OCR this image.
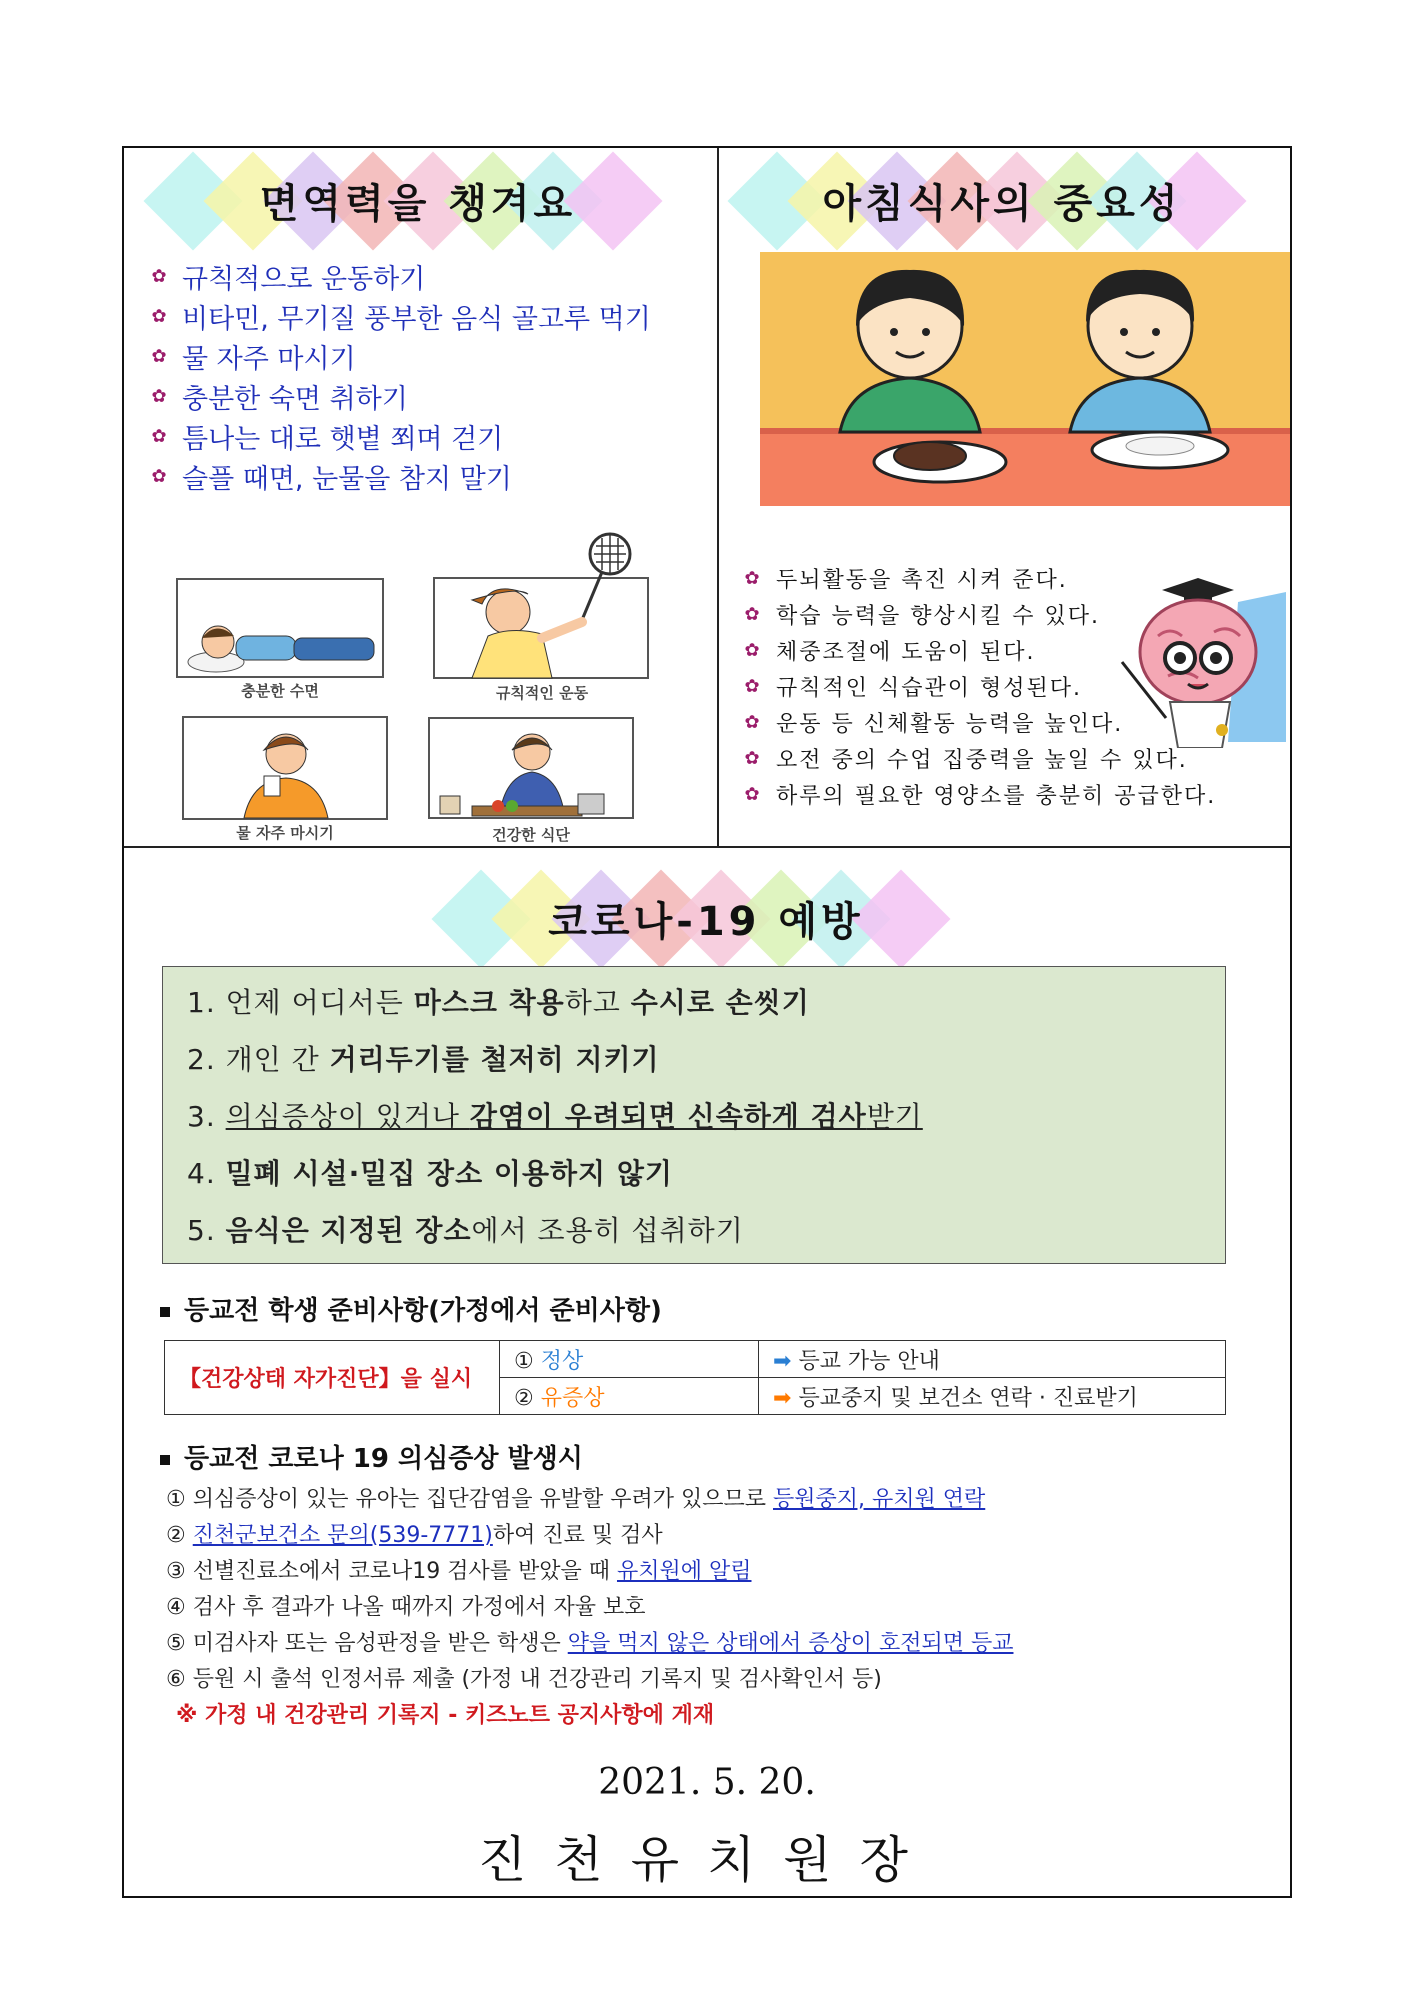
면역력을 챙겨요	아침식사의 중요성
✿ 규칙적으로 운동하기
✿ 비타민, 무기질 풍부한 음식 골고루 먹기
✿ 물 자주 마시기
✿ 충분한 숙면 취하기
✿ 틈나는 대로 햇볕 쬐며 걷기
✿ 슬플 때면, 눈물을 참지 말기
충분한 수면	규칙적인 운동
물 자주 마시기	건강한 식단
✿ 두뇌활동을 촉진 시켜 준다.
✿ 학습 능력을 향상시킬 수 있다.
✿ 체중조절에 도움이 된다.
✿ 규칙적인 식습관이 형성된다.
✿ 운동 등 신체활동 능력을 높인다.
✿ 오전 중의 수업 집중력을 높일 수 있다.
✿ 하루의 필요한 영양소를 충분히 공급한다.
코로나-19 예방
1. 언제 어디서든 마스크 착용하고 수시로 손씻기
2. 개인 간 거리두기를 철저히 지키기
3. 의심증상이 있거나 감염이 우려되면 신속하게 검사받기
4. 밀폐 시설·밀집 장소 이용하지 않기
5. 음식은 지정된 장소에서 조용히 섭취하기
등교전 학생 준비사항(가정에서 준비사항)
【건강상태 자가진단】을 실시	① 정상	➡ 등교 가능 안내
	② 유증상	➡ 등교중지 및 보건소 연락 · 진료받기
등교전 코로나 19 의심증상 발생시
① 의심증상이 있는 유아는 집단감염을 유발할 우려가 있으므로 등원중지, 유치원 연락
② 진천군보건소 문의(539-7771)하여 진료 및 검사
③ 선별진료소에서 코로나19 검사를 받았을 때 유치원에 알림
④ 검사 후 결과가 나올 때까지 가정에서 자율 보호
⑤ 미검사자 또는 음성판정을 받은 학생은 약을 먹지 않은 상태에서 증상이 호전되면 등교
⑥ 등원 시 출석 인정서류 제출 (가정 내 건강관리 기록지 및 검사확인서 등)
※ 가정 내 건강관리 기록지 - 키즈노트 공지사항에 게재
2021. 5. 20.
진천유치원장
